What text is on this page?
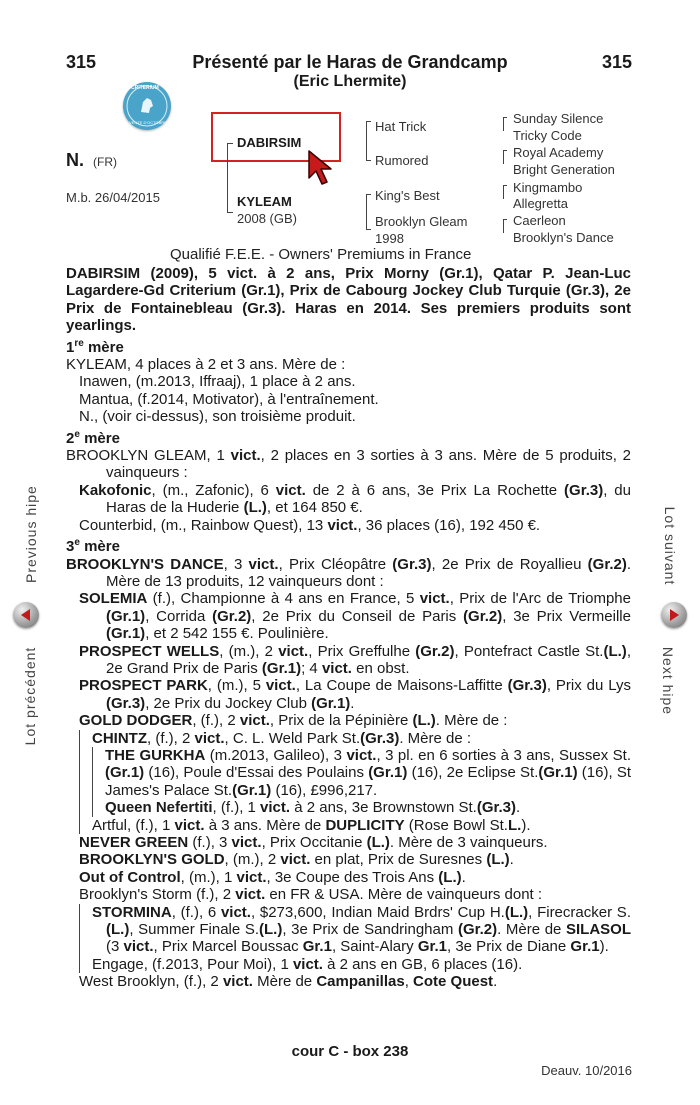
315	Présenté par le Haras de Grandcamp	315
(Eric Lhermite)
CRITERIUM
VENTE D'OCTOBRE
N. (FR)
M.b. 26/04/2015
DABIRSIM
KYLEAM
2008 (GB)
Hat Trick
Rumored
King's Best
Brooklyn Gleam
1998
Sunday Silence
Tricky Code
Royal Academy
Bright Generation
Kingmambo
Allegretta
Caerleon
Brooklyn's Dance
Qualifié F.E.E. - Owners' Premiums in France

DABIRSIM (2009), 5 vict. à 2 ans, Prix Morny (Gr.1), Qatar P. Jean-Luc Lagardere-Gd Criterium (Gr.1), Prix de Cabourg Jockey Club Turquie (Gr.3), 2e Prix de Fontainebleau (Gr.3). Haras en 2014. Ses premiers produits sont yearlings.

1re mère

KYLEAM, 4 places à 2 et 3 ans. Mère de :

Inawen, (m.2013, Iffraaj), 1 place à 2 ans.

Mantua, (f.2014, Motivator), à l'entraînement.

N., (voir ci-dessus), son troisième produit.

2e mère

BROOKLYN GLEAM, 1 vict., 2 places en 3 sorties à 3 ans. Mère de 5 produits, 2 vainqueurs :

Kakofonic, (m., Zafonic), 6 vict. de 2 à 6 ans, 3e Prix La Rochette (Gr.3), du Haras de la Huderie (L.), et 164 850 €.

Counterbid, (m., Rainbow Quest), 13 vict., 36 places (16), 192 450 €.

3e mère

BROOKLYN'S DANCE, 3 vict., Prix Cléopâtre (Gr.3), 2e Prix de Royallieu (Gr.2). Mère de 13 produits, 12 vainqueurs dont :

SOLEMIA (f.), Championne à 4 ans en France, 5 vict., Prix de l'Arc de Triomphe (Gr.1), Corrida (Gr.2), 2e Prix du Conseil de Paris (Gr.2), 3e Prix Vermeille (Gr.1), et 2 542 155 €. Poulinière.

PROSPECT WELLS, (m.), 2 vict., Prix Greffulhe (Gr.2), Pontefract Castle St.(L.), 2e Grand Prix de Paris (Gr.1); 4 vict. en obst.

PROSPECT PARK, (m.), 5 vict., La Coupe de Maisons-Laffitte (Gr.3), Prix du Lys (Gr.3), 2e Prix du Jockey Club (Gr.1).

GOLD DODGER, (f.), 2 vict., Prix de la Pépinière (L.). Mère de :

CHINTZ, (f.), 2 vict., C. L. Weld Park St.(Gr.3). Mère de :

THE GURKHA (m.2013, Galileo), 3 vict., 3 pl. en 6 sorties à 3 ans, Sussex St.(Gr.1) (16), Poule d'Essai des Poulains (Gr.1) (16), 2e Eclipse St.(Gr.1) (16), St James's Palace St.(Gr.1) (16), £996,217.

Queen Nefertiti, (f.), 1 vict. à 2 ans, 3e Brownstown St.(Gr.3).

Artful, (f.), 1 vict. à 3 ans. Mère de DUPLICITY (Rose Bowl St.L.).

NEVER GREEN (f.), 3 vict., Prix Occitanie (L.). Mère de 3 vainqueurs.

BROOKLYN'S GOLD, (m.), 2 vict. en plat, Prix de Suresnes (L.).

Out of Control, (m.), 1 vict., 3e Coupe des Trois Ans (L.).

Brooklyn's Storm (f.), 2 vict. en FR & USA. Mère de vainqueurs dont :

STORMINA, (f.), 6 vict., $273,600, Indian Maid Brdrs' Cup H.(L.), Firecracker S.(L.), Summer Finale S.(L.), 3e Prix de Sandringham (Gr.2). Mère de SILASOL (3 vict., Prix Marcel Boussac Gr.1, Saint-Alary Gr.1, 3e Prix de Diane Gr.1).

Engage, (f.2013, Pour Moi), 1 vict. à 2 ans en GB, 6 places (16).

West Brooklyn, (f.), 2 vict. Mère de Campanillas, Cote Quest.

cour C - box 238
Deauv. 10/2016
Previous hipe
Lot précédent
Lot suivant
Next hipe
